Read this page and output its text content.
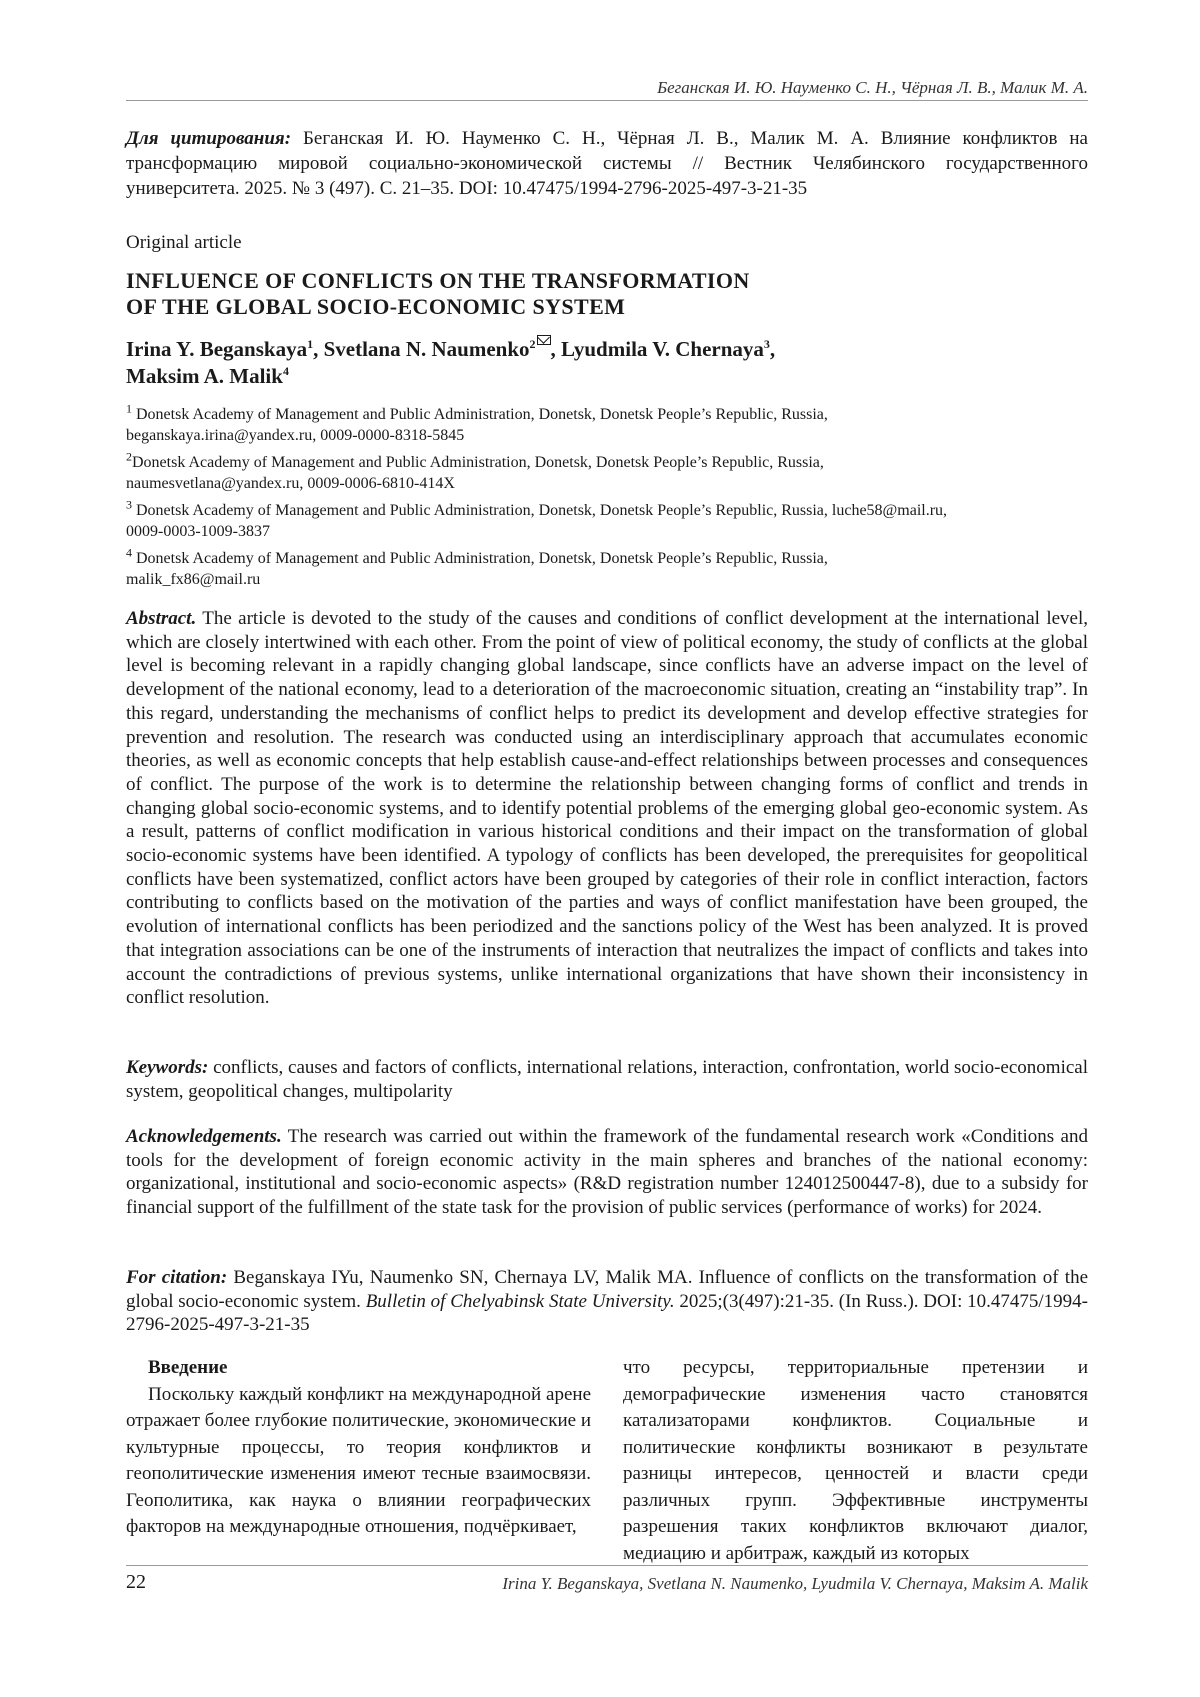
Беганская И. Ю. Науменко С. Н., Чёрная Л. В., Малик М. А.
Для цитирования: Беганская И. Ю. Науменко С. Н., Чёрная Л. В., Малик М. А. Влияние конфликтов на трансформацию мировой социально-экономической системы // Вестник Челябинского государственного университета. 2025. № 3 (497). С. 21–35. DOI: 10.47475/1994-2796-2025-497-3-21-35
Original article
INFLUENCE OF CONFLICTS ON THE TRANSFORMATION
OF THE GLOBAL SOCIO-ECONOMIC SYSTEM
Irina Y. Beganskaya$^1$, Svetlana N. Naumenko$^2$ , Lyudmila V. Chernaya$^3$,
Maksim A. Malik$^4$
$^1$ Donetsk Academy of Management and Public Administration, Donetsk, Donetsk People’s Republic, Russia,
beganskaya.irina@yandex.ru, 0009-0000-8318-5845
$^2$Donetsk Academy of Management and Public Administration, Donetsk, Donetsk People’s Republic, Russia,
naumesvetlana@yandex.ru, 0009-0006-6810-414X
$^3$ Donetsk Academy of Management and Public Administration, Donetsk, Donetsk People’s Republic, Russia, luche58@mail.ru,
0009-0003-1009-3837
$^4$ Donetsk Academy of Management and Public Administration, Donetsk, Donetsk People’s Republic, Russia,
malik_fx86@mail.ru
Abstract. The article is devoted to the study of the causes and conditions of conflict development at the international level, which are closely intertwined with each other. From the point of view of political economy, the study of conflicts at the global level is becoming relevant in a rapidly changing global landscape, since conflicts have an adverse impact on the level of development of the national economy, lead to a deterioration of the macroeconomic situation, creating an “instability trap”. In this regard, understanding the mechanisms of conflict helps to predict its development and develop effective strategies for prevention and resolution. The research was conducted using an interdisciplinary approach that accumulates economic theories, as well as economic concepts that help establish cause-and-effect relationships between processes and consequences of conflict. The purpose of the work is to determine the relationship between changing forms of conflict and trends in changing global socio-economic systems, and to identify potential problems of the emerging global geo-economic system. As a result, patterns of conflict modification in various historical conditions and their impact on the transformation of global socio-economic systems have been identified. A typology of conflicts has been developed, the prerequisites for geopolitical conflicts have been systematized, conflict actors have been grouped by categories of their role in conflict interaction, factors contributing to conflicts based on the motivation of the parties and ways of conflict manifestation have been grouped, the evolution of international conflicts has been periodized and the sanctions policy of the West has been analyzed. It is proved that integration associations can be one of the instruments of interaction that neutralizes the impact of conflicts and takes into account the contradictions of previous systems, unlike international organizations that have shown their inconsistency in conflict resolution.
Keywords: conflicts, causes and factors of conflicts, international relations, interaction, confrontation, world socio-economical system, geopolitical changes, multipolarity
Acknowledgements. The research was carried out within the framework of the fundamental research work «Conditions and tools for the development of foreign economic activity in the main spheres and branches of the national economy: organizational, institutional and socio-economic aspects» (R&D registration number 124012500447-8), due to a subsidy for financial support of the fulfillment of the state task for the provision of public services (performance of works) for 2024.
For citation: Beganskaya IYu, Naumenko SN, Chernaya LV, Malik MA. Influence of conflicts on the transformation of the global socio-economic system. Bulletin of Chelyabinsk State University. 2025;(3(497):21-35. (In Russ.). DOI: 10.47475/1994-2796-2025-497-3-21-35
Введение
Поскольку каждый конфликт на международной арене отражает более глубокие политические, экономические и культурные процессы, то теория конфликтов и геополитические изменения имеют тесные взаимосвязи. Геополитика, как наука о влиянии географических факторов на международные отношения, подчёркивает,
что ресурсы, территориальные претензии и демографические изменения часто становятся катализаторами конфликтов. Социальные и политические конфликты возникают в результате разницы интересов, ценностей и власти среди различных групп. Эффективные инструменты разрешения таких конфликтов включают диалог, медиацию и арбитраж, каждый из которых
22	Irina Y. Beganskaya, Svetlana N. Naumenko, Lyudmila V. Chernaya, Maksim A. Malik
